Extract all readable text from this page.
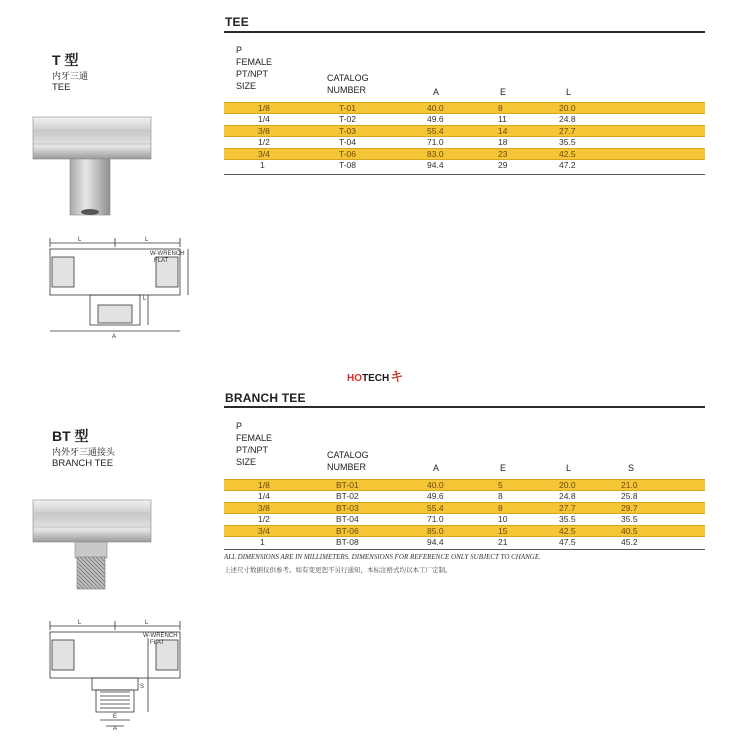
TEE
T 型
内牙三通
TEE
L	L
W-WRENCH
FLAT
L
A
P
FEMALE
PT/NPT
SIZE
CATALOG
NUMBER	A	E	L
1/8	T-01	40.0	8	20.0
1/4	T-02	49.6	11	24.8
3/8	T-03	55.4	14	27.7
1/2	T-04	71.0	18	35.5
3/4	T-06	83.0	23	42.5
1	T-08	94.4	29	47.2
HOTECHキ
BRANCH TEE
BT 型
内外牙三通接头
BRANCH TEE
L	L
W-WRENCH
FLAT
S
E
A
P
FEMALE
PT/NPT
SIZE
CATALOG
NUMBER	A	E	L	S
1/8	BT-01	40.0	5	20.0	21.0
1/4	BT-02	49.6	8	24.8	25.8
3/8	BT-03	55.4	8	27.7	29.7
1/2	BT-04	71.0	10	35.5	35.5
3/4	BT-06	85.0	15	42.5	40.5
1	BT-08	94.4	21	47.5	45.2
ALL DIMENSIONS ARE IN MILLIMETERS. DIMENSIONS FOR REFERENCE ONLY SUBJECT TO CHANGE.
上述尺寸数据仅供参考。如有变更恕不另行通知，本标注格式均以本工厂定制。
